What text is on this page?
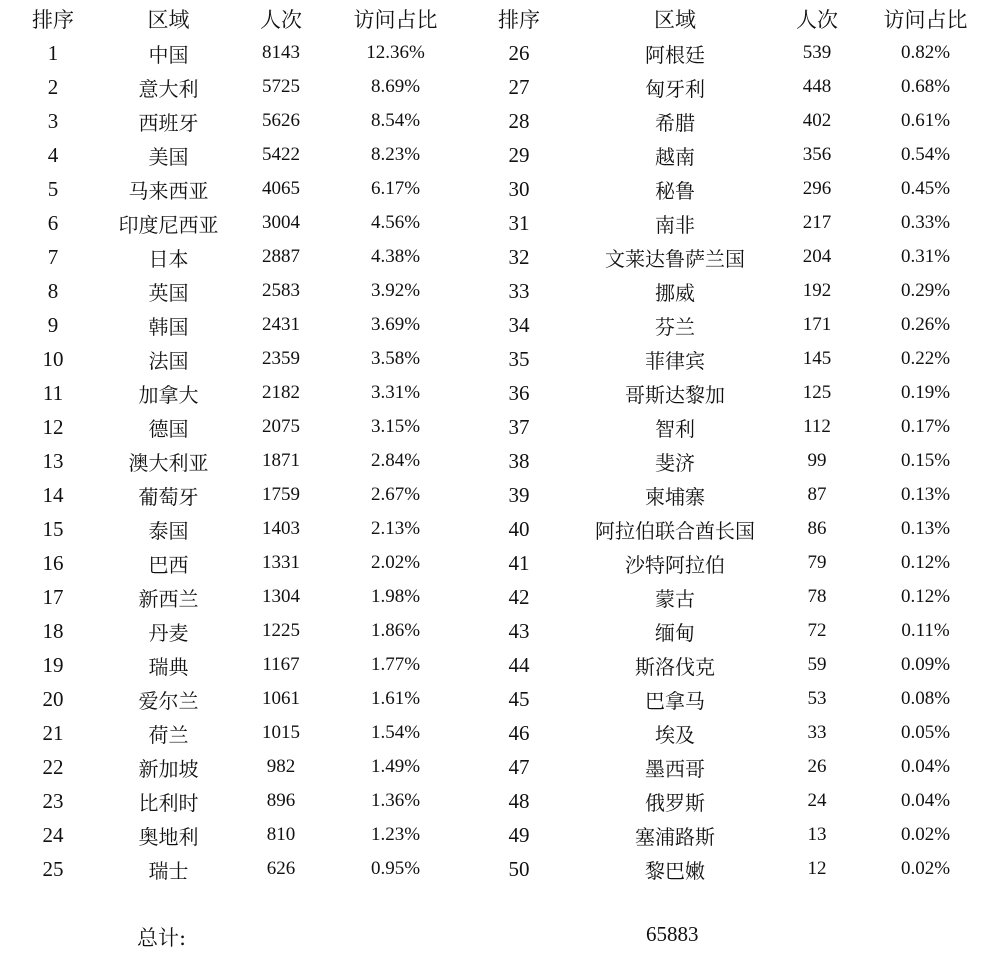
排序	区域	人次	访问占比	排序	区域	人次	访问占比
1	中国	8143	12.36%	26	阿根廷	539	0.82%
2	意大利	5725	8.69%	27	匈牙利	448	0.68%
3	西班牙	5626	8.54%	28	希腊	402	0.61%
4	美国	5422	8.23%	29	越南	356	0.54%
5	马来西亚	4065	6.17%	30	秘鲁	296	0.45%
6	印度尼西亚	3004	4.56%	31	南非	217	0.33%
7	日本	2887	4.38%	32	文莱达鲁萨兰国	204	0.31%
8	英国	2583	3.92%	33	挪威	192	0.29%
9	韩国	2431	3.69%	34	芬兰	171	0.26%
10	法国	2359	3.58%	35	菲律宾	145	0.22%
11	加拿大	2182	3.31%	36	哥斯达黎加	125	0.19%
12	德国	2075	3.15%	37	智利	112	0.17%
13	澳大利亚	1871	2.84%	38	斐济	99	0.15%
14	葡萄牙	1759	2.67%	39	柬埔寨	87	0.13%
15	泰国	1403	2.13%	40	阿拉伯联合酋长国	86	0.13%
16	巴西	1331	2.02%	41	沙特阿拉伯	79	0.12%
17	新西兰	1304	1.98%	42	蒙古	78	0.12%
18	丹麦	1225	1.86%	43	缅甸	72	0.11%
19	瑞典	1167	1.77%	44	斯洛伐克	59	0.09%
20	爱尔兰	1061	1.61%	45	巴拿马	53	0.08%
21	荷兰	1015	1.54%	46	埃及	33	0.05%
22	新加坡	982	1.49%	47	墨西哥	26	0.04%
23	比利时	896	1.36%	48	俄罗斯	24	0.04%
24	奥地利	810	1.23%	49	塞浦路斯	13	0.02%
25	瑞士	626	0.95%	50	黎巴嫩	12	0.02%
总计:	65883
